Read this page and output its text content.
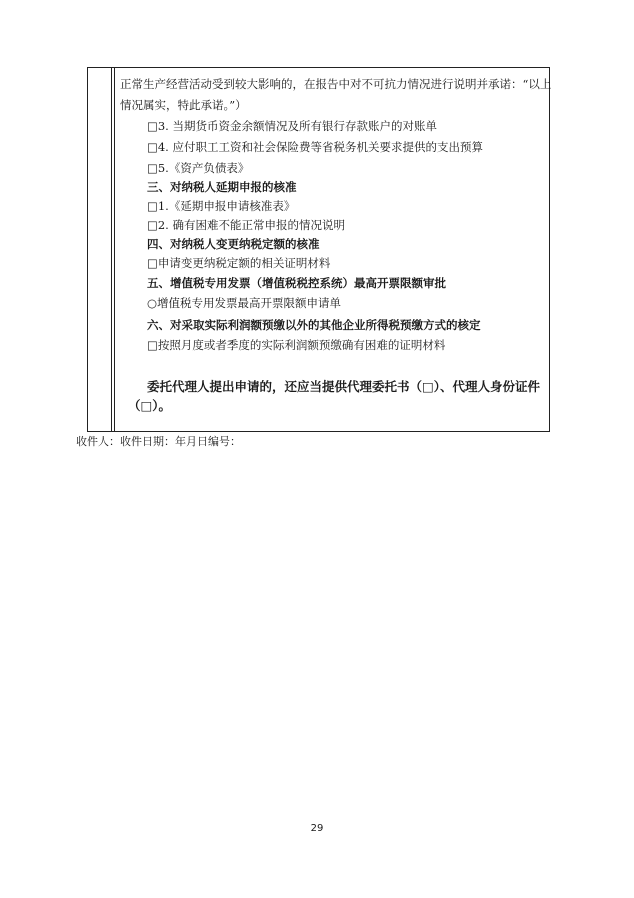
正常生产经营活动受到较大影响的，在报告中对不可抗力情况进行说明并承诺：“以上
情况属实，特此承诺。”）
□3. 当期货币资金余额情况及所有银行存款账户的对账单
□4. 应付职工工资和社会保险费等省税务机关要求提供的支出预算
□5.《资产负债表》
三、对纳税人延期申报的核准
□1.《延期申报申请核准表》
□2. 确有困难不能正常申报的情况说明
四、对纳税人变更纳税定额的核准
□申请变更纳税定额的相关证明材料
五、增值税专用发票（增值税税控系统）最高开票限额审批
○增值税专用发票最高开票限额申请单
六、对采取实际利润额预缴以外的其他企业所得税预缴方式的核定
□按照月度或者季度的实际利润额预缴确有困难的证明材料
委托代理人提出申请的，还应当提供代理委托书（□）、代理人身份证件
（□）。
收件人：收件日期：年月日编号：
29
